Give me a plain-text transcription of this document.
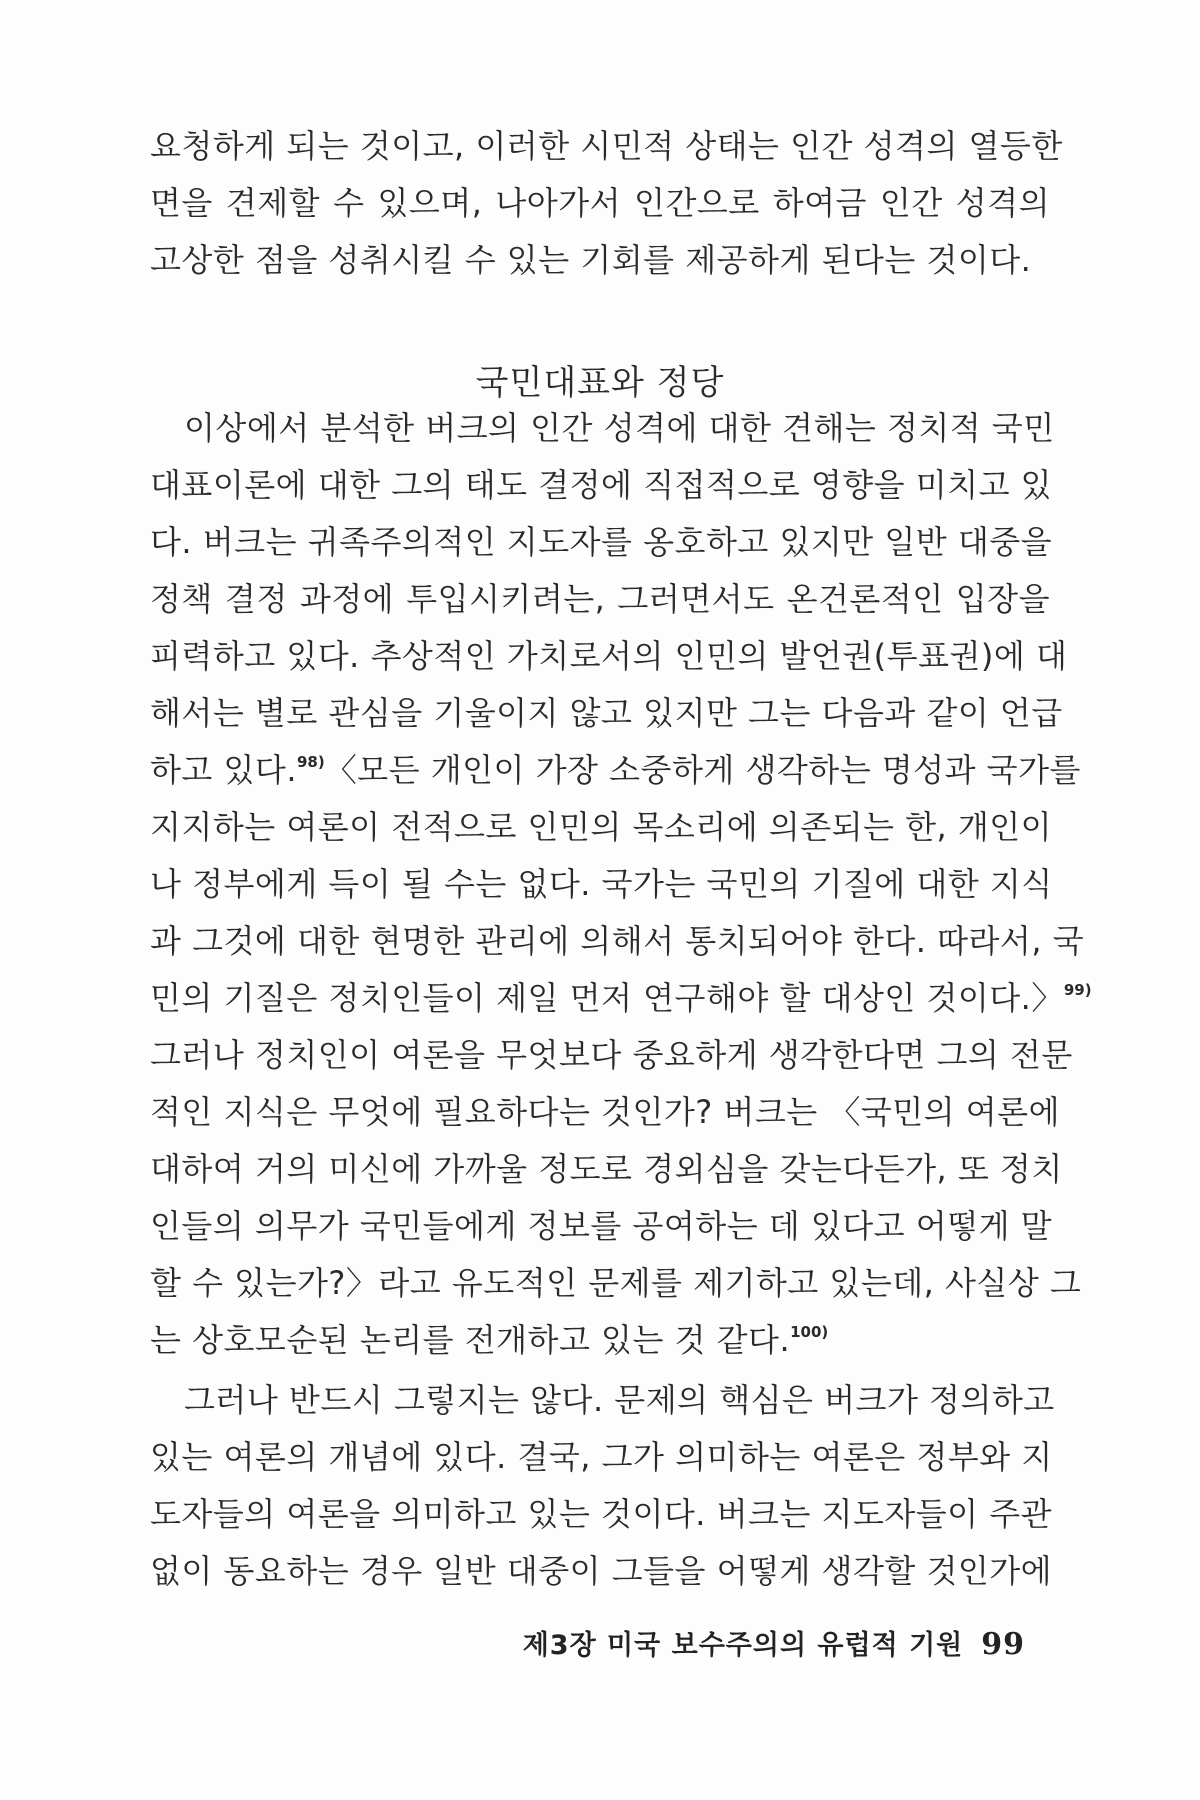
요청하게 되는 것이고, 이러한 시민적 상태는 인간 성격의 열등한
면을 견제할 수 있으며, 나아가서 인간으로 하여금 인간 성격의
고상한 점을 성취시킬 수 있는 기회를 제공하게 된다는 것이다.
국민대표와 정당
이상에서 분석한 버크의 인간 성격에 대한 견해는 정치적 국민
대표이론에 대한 그의 태도 결정에 직접적으로 영향을 미치고 있
다. 버크는 귀족주의적인 지도자를 옹호하고 있지만 일반 대중을
정책 결정 과정에 투입시키려는, 그러면서도 온건론적인 입장을
피력하고 있다. 추상적인 가치로서의 인민의 발언권(투표권)에 대
해서는 별로 관심을 기울이지 않고 있지만 그는 다음과 같이 언급
하고 있다.$^{98)}$〈모든 개인이 가장 소중하게 생각하는 명성과 국가를
지지하는 여론이 전적으로 인민의 목소리에 의존되는 한, 개인이
나 정부에게 득이 될 수는 없다. 국가는 국민의 기질에 대한 지식
과 그것에 대한 현명한 관리에 의해서 통치되어야 한다. 따라서, 국
민의 기질은 정치인들이 제일 먼저 연구해야 할 대상인 것이다.〉$^{99)}$
그러나 정치인이 여론을 무엇보다 중요하게 생각한다면 그의 전문
적인 지식은 무엇에 필요하다는 것인가? 버크는 〈국민의 여론에
대하여 거의 미신에 가까울 정도로 경외심을 갖는다든가, 또 정치
인들의 의무가 국민들에게 정보를 공여하는 데 있다고 어떻게 말
할 수 있는가?〉라고 유도적인 문제를 제기하고 있는데, 사실상 그
는 상호모순된 논리를 전개하고 있는 것 같다.$^{100)}$
그러나 반드시 그렇지는 않다. 문제의 핵심은 버크가 정의하고
있는 여론의 개념에 있다. 결국, 그가 의미하는 여론은 정부와 지
도자들의 여론을 의미하고 있는 것이다. 버크는 지도자들이 주관
없이 동요하는 경우 일반 대중이 그들을 어떻게 생각할 것인가에
제3장 미국 보수주의의 유럽적 기원 99
